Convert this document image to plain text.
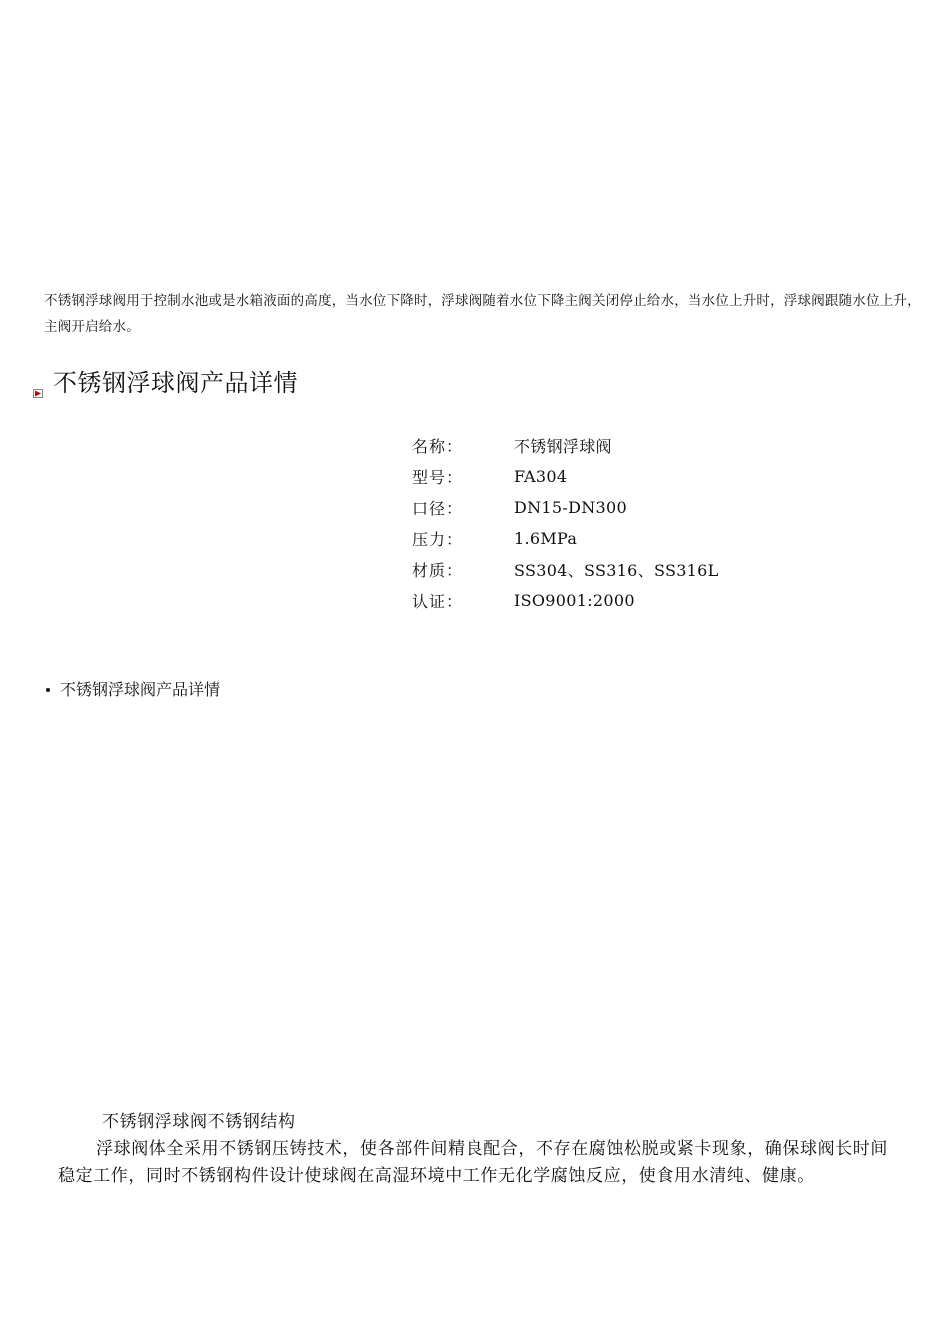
不锈钢浮球阀用于控制水池或是水箱液面的高度，当水位下降时，浮球阀随着水位下降主阀关闭停止给水，当水位上升时，浮球阀跟随水位上升，主阀开启给水。

不锈钢浮球阀产品详情
名称：	不锈钢浮球阀
型号：	FA304
口径：	DN15-DN300
压力：	1.6MPa
材质：	SS304、SS316、SS316L
认证：	ISO9001:2000
不锈钢浮球阀产品详情

不锈钢浮球阀不锈钢结构

浮球阀体全采用不锈钢压铸技术，使各部件间精良配合，不存在腐蚀松脱或紧卡现象，确保球阀长时间稳定工作，同时不锈钢构件设计使球阀在高湿环境中工作无化学腐蚀反应，使食用水清纯、健康。
